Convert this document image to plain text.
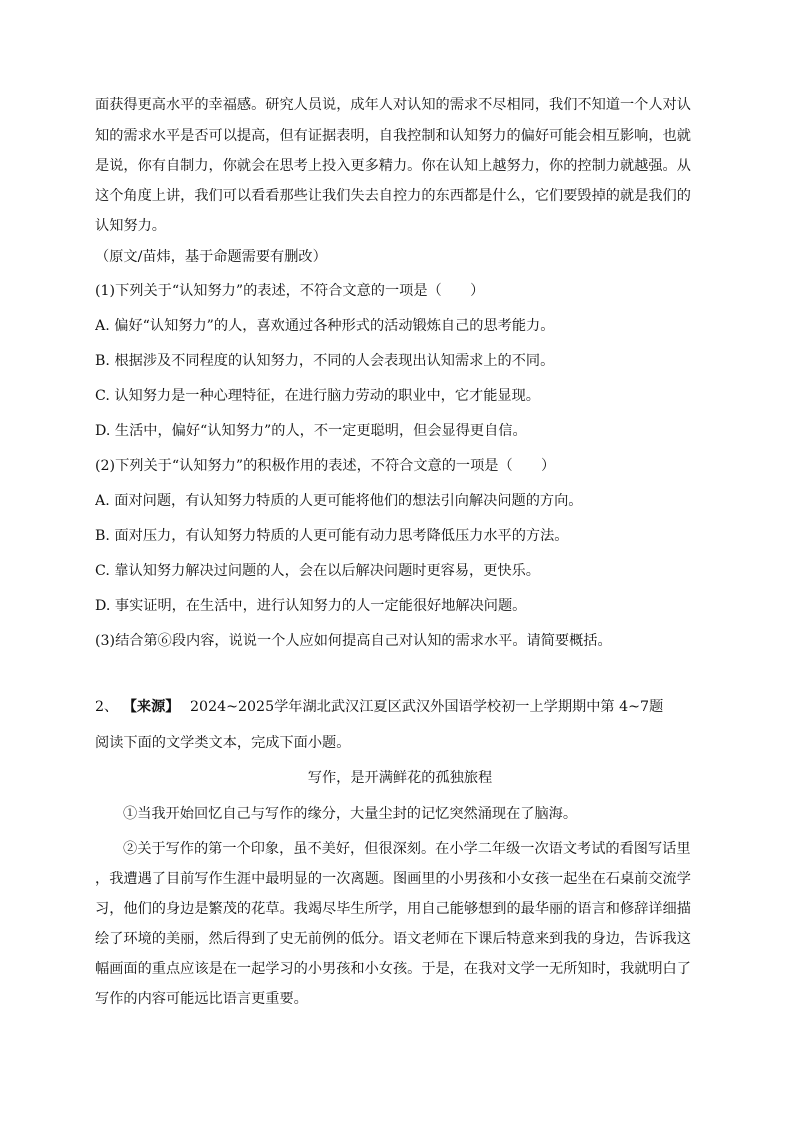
面获得更高水平的幸福感。研究人员说，成年人对认知的需求不尽相同，我们不知道一个人对认
知的需求水平是否可以提高，但有证据表明，自我控制和认知努力的偏好可能会相互影响，也就
是说，你有自制力，你就会在思考上投入更多精力。你在认知上越努力，你的控制力就越强。从
这个角度上讲，我们可以看看那些让我们失去自控力的东西都是什么，它们要毁掉的就是我们的
认知努力。
（原文/苗炜，基于命题需要有删改）
(1)下列关于“认知努力”的表述，不符合文意的一项是（　　）
A. 偏好“认知努力”的人，喜欢通过各种形式的活动锻炼自己的思考能力。
B. 根据涉及不同程度的认知努力，不同的人会表现出认知需求上的不同。
C. 认知努力是一种心理特征，在进行脑力劳动的职业中，它才能显现。
D. 生活中，偏好“认知努力”的人，不一定更聪明，但会显得更自信。
(2)下列关于“认知努力”的积极作用的表述，不符合文意的一项是（　　）
A. 面对问题，有认知努力特质的人更可能将他们的想法引向解决问题的方向。
B. 面对压力，有认知努力特质的人更可能有动力思考降低压力水平的方法。
C. 靠认知努力解决过问题的人，会在以后解决问题时更容易，更快乐。
D. 事实证明，在生活中，进行认知努力的人一定能很好地解决问题。
(3)结合第⑥段内容，说说一个人应如何提高自己对认知的需求水平。请简要概括。
2、 【来源】 2024~2025学年湖北武汉江夏区武汉外国语学校初一上学期期中第 4~7题
阅读下面的文学类文本，完成下面小题。
写作，是开满鲜花的孤独旅程
①当我开始回忆自己与写作的缘分，大量尘封的记忆突然涌现在了脑海。
②关于写作的第一个印象，虽不美好，但很深刻。在小学二年级一次语文考试的看图写话里
，我遭遇了目前写作生涯中最明显的一次离题。图画里的小男孩和小女孩一起坐在石桌前交流学
习，他们的身边是繁茂的花草。我竭尽毕生所学，用自己能够想到的最华丽的语言和修辞详细描
绘了环境的美丽，然后得到了史无前例的低分。语文老师在下课后特意来到我的身边，告诉我这
幅画面的重点应该是在一起学习的小男孩和小女孩。于是，在我对文学一无所知时，我就明白了
写作的内容可能远比语言更重要。
